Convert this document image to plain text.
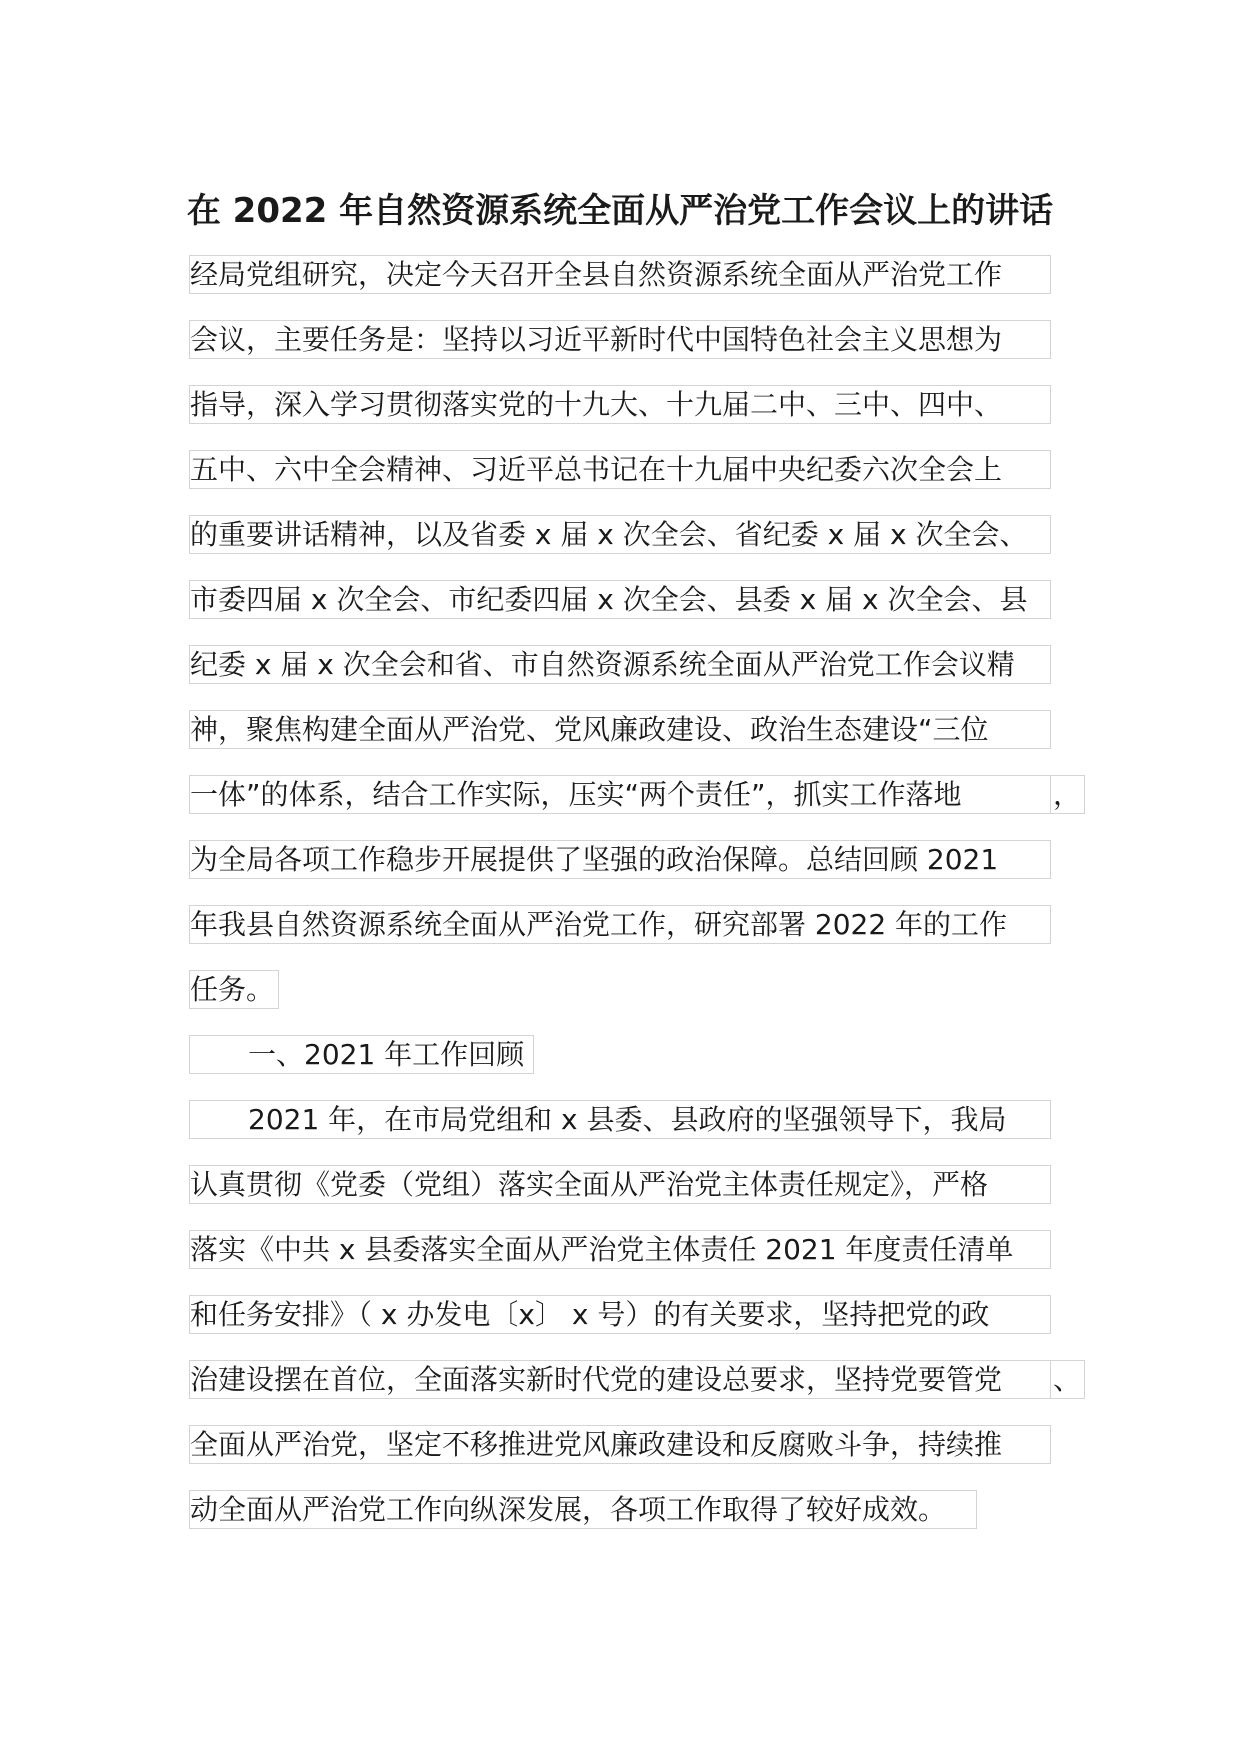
在 2022 年自然资源系统全面从严治党工作会议上的讲话
经局党组研究，决定今天召开全县自然资源系统全面从严治党工作
会议，主要任务是：坚持以习近平新时代中国特色社会主义思想为
指导，深入学习贯彻落实党的十九大、十九届二中、三中、四中、
五中、六中全会精神、习近平总书记在十九届中央纪委六次全会上
的重要讲话精神，以及省委 x 届 x 次全会、省纪委 x 届 x 次全会、
市委四届 x 次全会、市纪委四届 x 次全会、县委 x 届 x 次全会、县
纪委 x 届 x 次全会和省、市自然资源系统全面从严治党工作会议精
神，聚焦构建全面从严治党、党风廉政建设、政治生态建设“三位
一体”的体系，结合工作实际，压实“两个责任”，抓实工作落地	，
为全局各项工作稳步开展提供了坚强的政治保障。总结回顾 2021
年我县自然资源系统全面从严治党工作，研究部署 2022 年的工作
任务。
一、2021 年工作回顾
2021 年，在市局党组和 x 县委、县政府的坚强领导下，我局
认真贯彻《党委（党组）落实全面从严治党主体责任规定》，严格
落实《中共 x 县委落实全面从严治党主体责任 2021 年度责任清单
和任务安排》（ x 办发电〔x〕 x 号）的有关要求，坚持把党的政
治建设摆在首位，全面落实新时代党的建设总要求，坚持党要管党	、
全面从严治党，坚定不移推进党风廉政建设和反腐败斗争，持续推
动全面从严治党工作向纵深发展，各项工作取得了较好成效。
